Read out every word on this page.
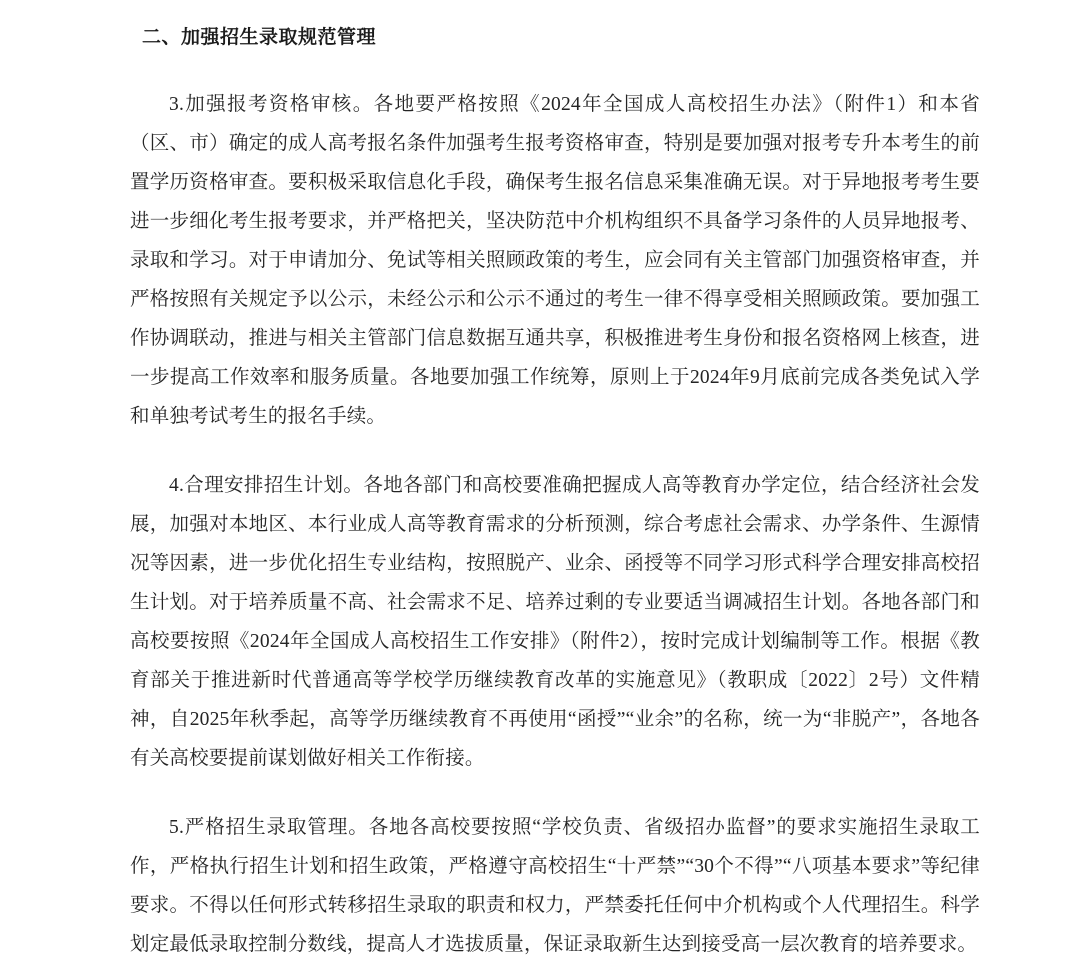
二、加强招生录取规范管理

3.加强报考资格审核。各地要严格按照《2024年全国成人高校招生办法》（附件1）和本省（区、市）确定的成人高考报名条件加强考生报考资格审查，特别是要加强对报考专升本考生的前置学历资格审查。要积极采取信息化手段，确保考生报名信息采集准确无误。对于异地报考考生要进一步细化考生报考要求，并严格把关，坚决防范中介机构组织不具备学习条件的人员异地报考、录取和学习。对于申请加分、免试等相关照顾政策的考生，应会同有关主管部门加强资格审查，并严格按照有关规定予以公示，未经公示和公示不通过的考生一律不得享受相关照顾政策。要加强工作协调联动，推进与相关主管部门信息数据互通共享，积极推进考生身份和报名资格网上核查，进一步提高工作效率和服务质量。各地要加强工作统筹，原则上于2024年9月底前完成各类免试入学和单独考试考生的报名手续。

4.合理安排招生计划。各地各部门和高校要准确把握成人高等教育办学定位，结合经济社会发展，加强对本地区、本行业成人高等教育需求的分析预测，综合考虑社会需求、办学条件、生源情况等因素，进一步优化招生专业结构，按照脱产、业余、函授等不同学习形式科学合理安排高校招生计划。对于培养质量不高、社会需求不足、培养过剩的专业要适当调减招生计划。各地各部门和高校要按照《2024年全国成人高校招生工作安排》（附件2），按时完成计划编制等工作。根据《教育部关于推进新时代普通高等学校学历继续教育改革的实施意见》（教职成〔2022〕2号）文件精神，自2025年秋季起，高等学历继续教育不再使用“函授”“业余”的名称，统一为“非脱产”，各地各有关高校要提前谋划做好相关工作衔接。

5.严格招生录取管理。各地各高校要按照“学校负责、省级招办监督”的要求实施招生录取工作，严格执行招生计划和招生政策，严格遵守高校招生“十严禁”“30个不得”“八项基本要求”等纪律要求。不得以任何形式转移招生录取的职责和权力，严禁委托任何中介机构或个人代理招生。科学划定最低录取控制分数线，提高人才选拔质量，保证录取新生达到接受高一层次教育的培养要求。
